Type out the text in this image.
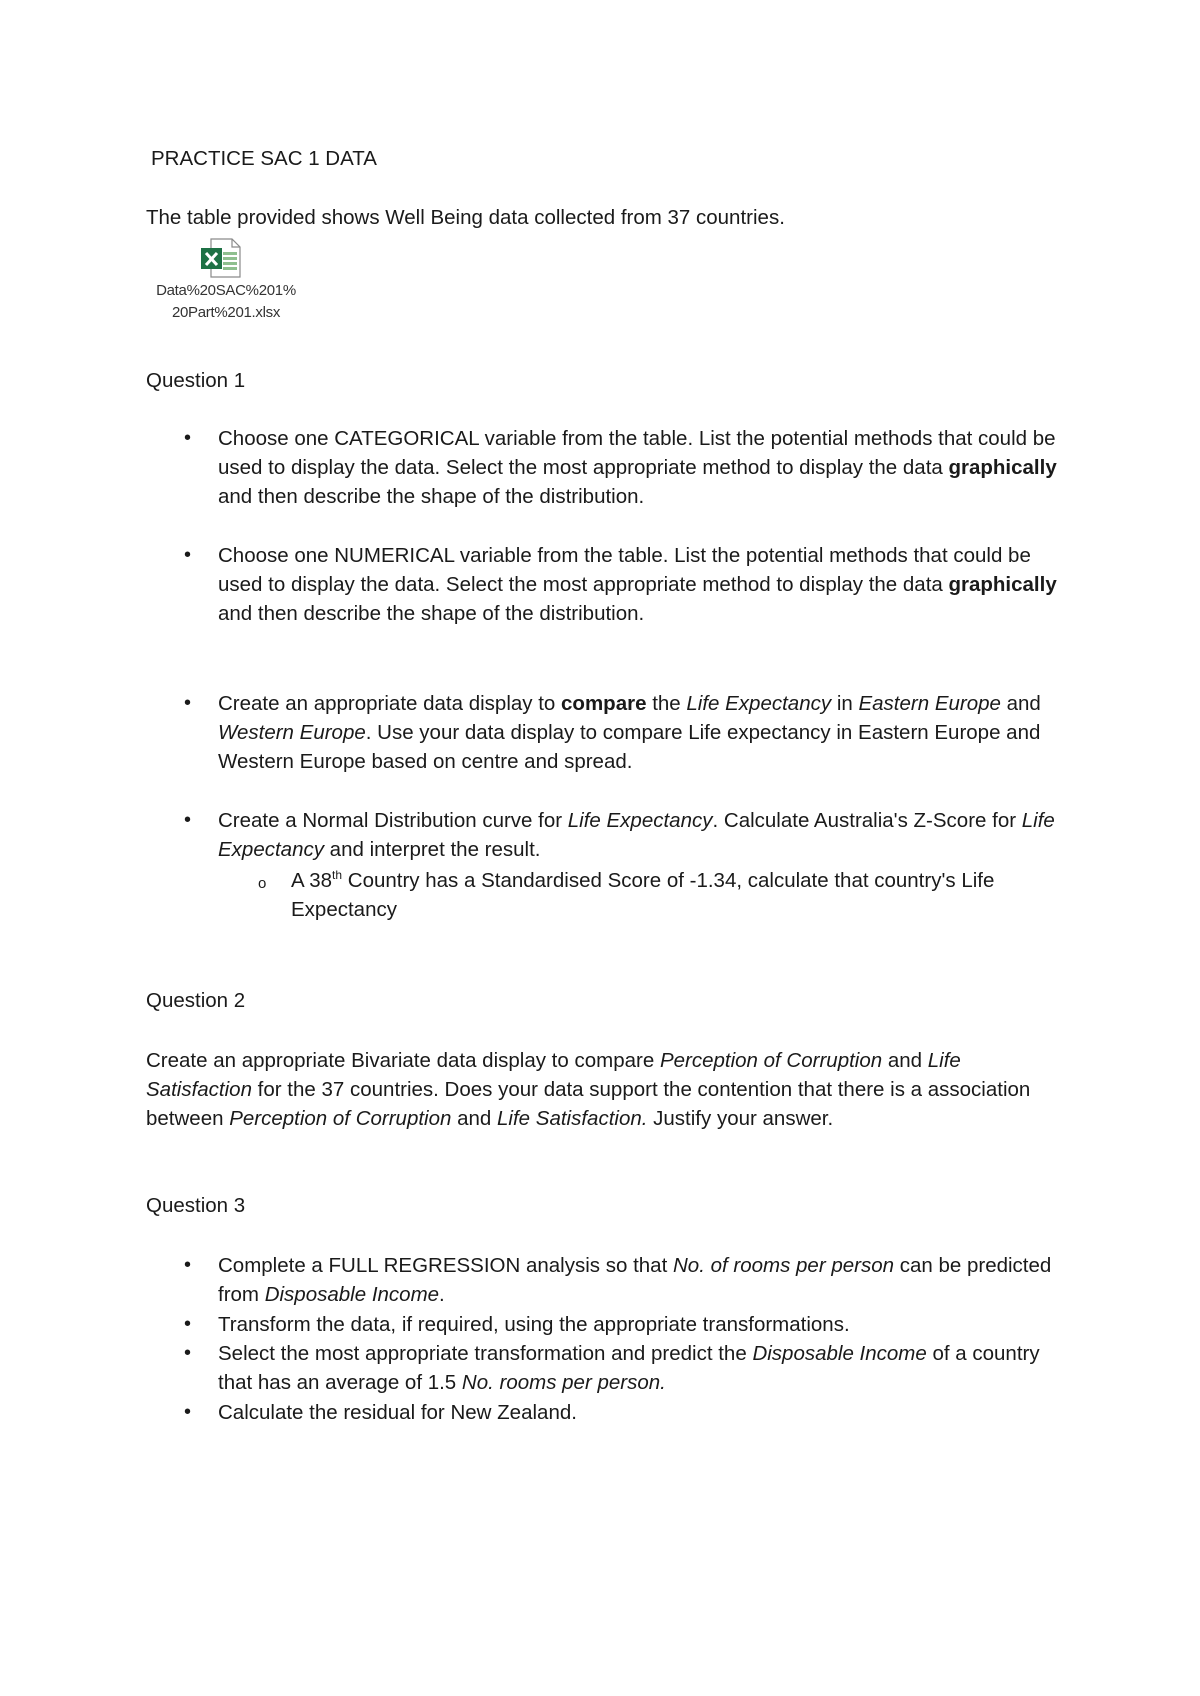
PRACTICE SAC 1 DATA
The table provided shows Well Being data collected from 37 countries.
Data%20SAC%201%
20Part%201.xlsx
Question 1
• Choose one CATEGORICAL variable from the table. List the potential methods that could be used to display the data. Select the most appropriate method to display the data graphically and then describe the shape of the distribution.
• Choose one NUMERICAL variable from the table. List the potential methods that could be used to display the data. Select the most appropriate method to display the data graphically and then describe the shape of the distribution.
• Create an appropriate data display to compare the Life Expectancy in Eastern Europe and Western Europe. Use your data display to compare Life expectancy in Eastern Europe and Western Europe based on centre and spread.
• Create a Normal Distribution curve for Life Expectancy. Calculate Australia's Z-Score for Life Expectancy and interpret the result.
o A 38th Country has a Standardised Score of -1.34, calculate that country's Life Expectancy
Question 2
Create an appropriate Bivariate data display to compare Perception of Corruption and Life Satisfaction for the 37 countries. Does your data support the contention that there is a association between Perception of Corruption and Life Satisfaction. Justify your answer.
Question 3
• Complete a FULL REGRESSION analysis so that No. of rooms per person can be predicted from Disposable Income.
• Transform the data, if required, using the appropriate transformations.
• Select the most appropriate transformation and predict the Disposable Income of a country that has an average of 1.5 No. rooms per person.
• Calculate the residual for New Zealand.
